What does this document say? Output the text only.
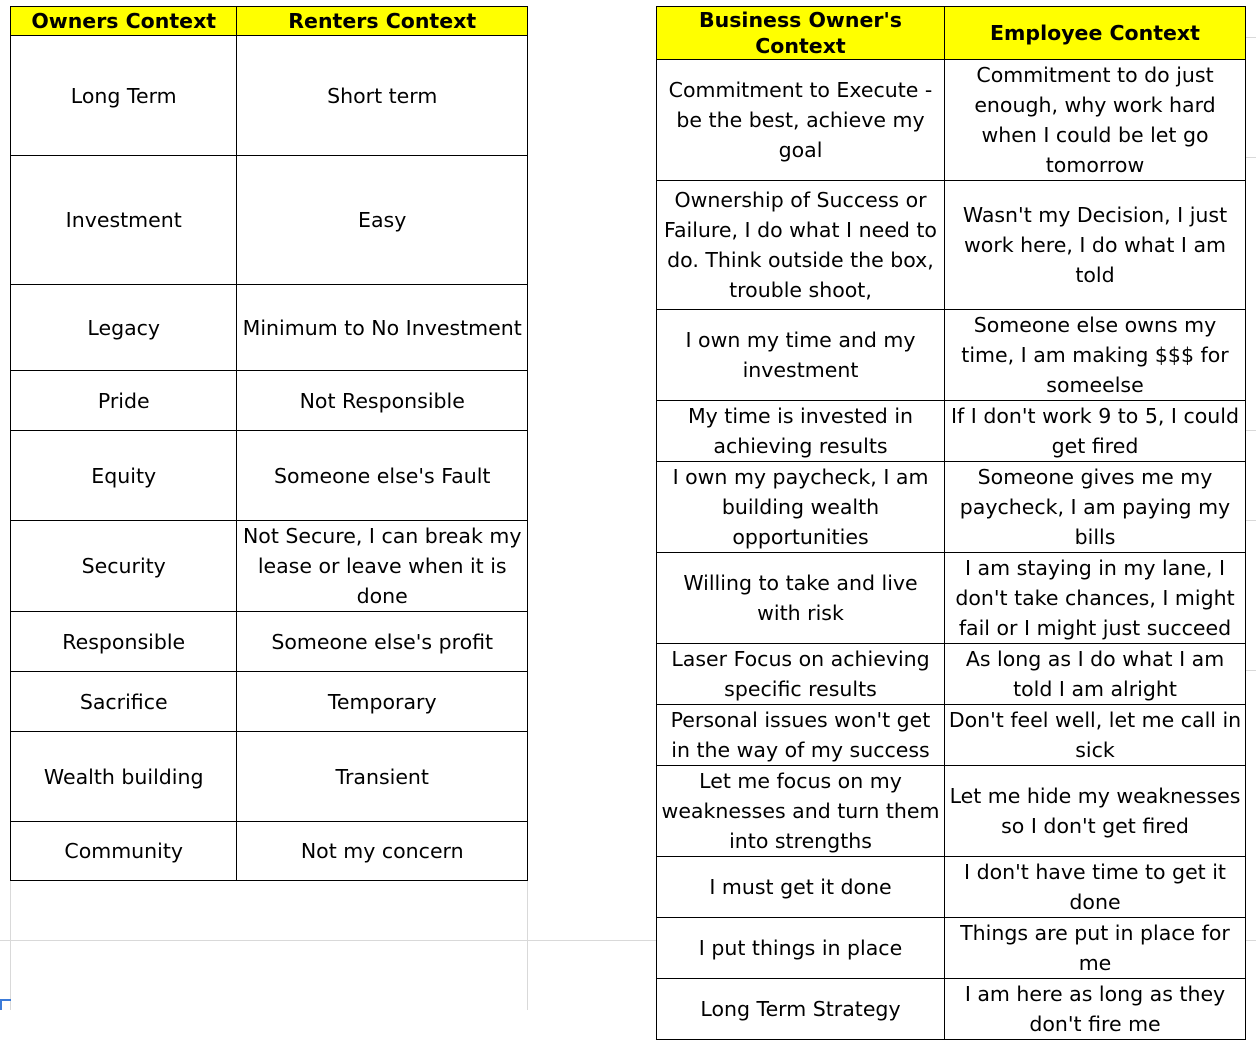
Owners Context	Renters Context
Long Term	Short term
Investment	Easy
Legacy	Minimum to No Investment
Pride	Not Responsible
Equity	Someone else's Fault
Security	Not Secure, I can break my lease or leave when it is done
Responsible	Someone else's profit
Sacrifice	Temporary
Wealth building	Transient
Community	Not my concern
Business Owner's Context	Employee Context
Commitment to Execute - be the best, achieve my goal	Commitment to do just enough, why work hard when I could be let go tomorrow
Ownership of Success or Failure, I do what I need to do. Think outside the box, trouble shoot,	Wasn't my Decision, I just work here, I do what I am told
I own my time and my investment	Someone else owns my time, I am making $$$ for someelse
My time is invested in achieving results	If I don't work 9 to 5, I could get fired
I own my paycheck, I am building wealth opportunities	Someone gives me my paycheck, I am paying my bills
Willing to take and live with risk	I am staying in my lane, I don't take chances, I might fail or I might just succeed
Laser Focus on achieving specific results	As long as I do what I am told I am alright
Personal issues won't get in the way of my success	Don't feel well, let me call in sick
Let me focus on my weaknesses and turn them into strengths	Let me hide my weaknesses so I don't get fired
I must get it done	I don't have time to get it done
I put things in place	Things are put in place for me
Long Term Strategy	I am here as long as they don't fire me
